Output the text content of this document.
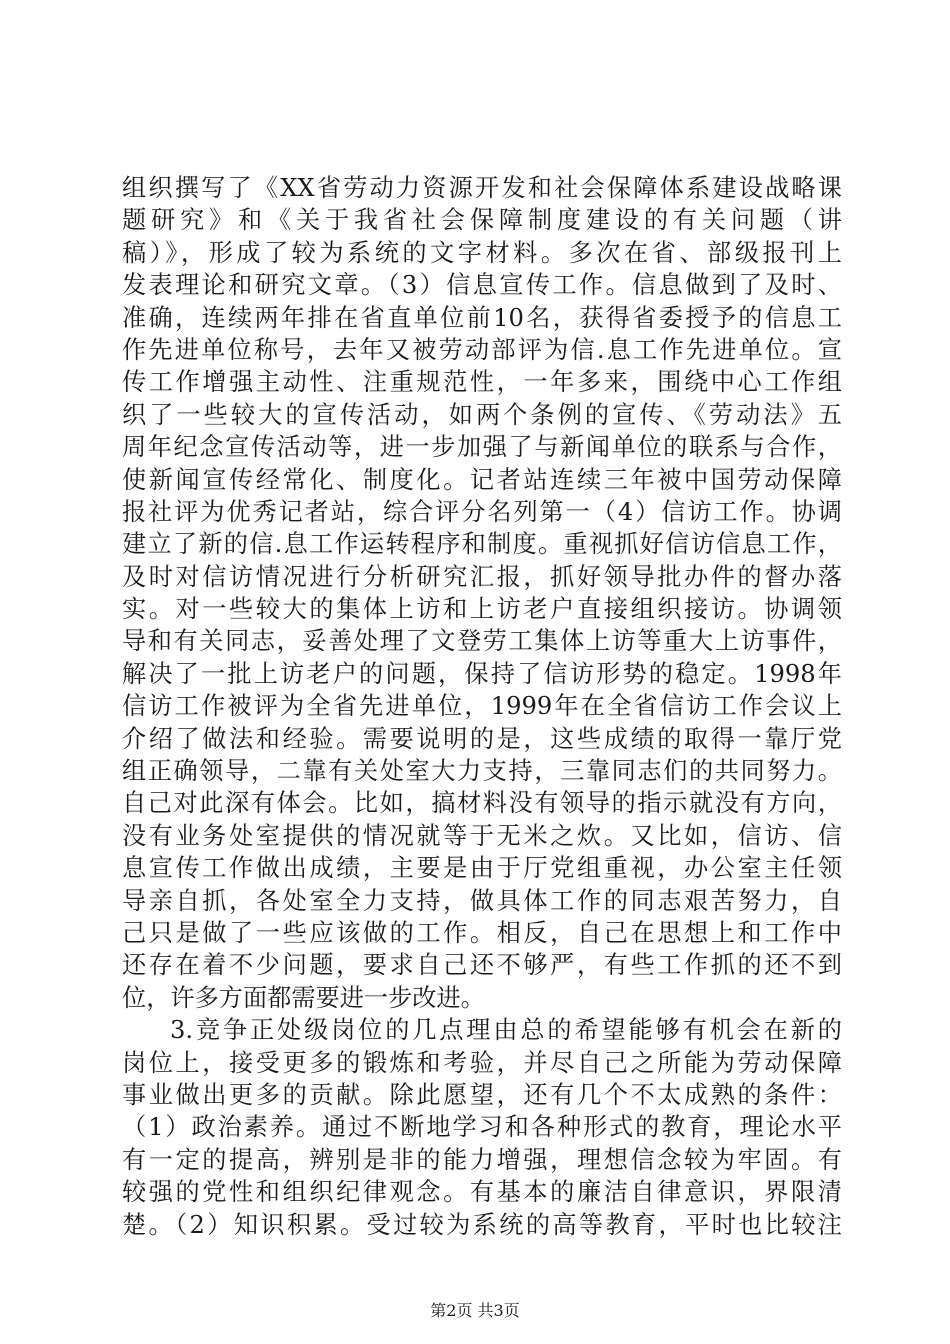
组织撰写了《XX省劳动力资源开发和社会保障体系建设战略课
题研究》和《关于我省社会保障制度建设的有关问题（讲
稿）》，形成了较为系统的文字材料。多次在省、部级报刊上
发表理论和研究文章。（3）信息宣传工作。信息做到了及时、
准确，连续两年排在省直单位前10名，获得省委授予的信息工
作先进单位称号，去年又被劳动部评为信.息工作先进单位。宣
传工作增强主动性、注重规范性，一年多来，围绕中心工作组
织了一些较大的宣传活动，如两个条例的宣传、《劳动法》五
周年纪念宣传活动等，进一步加强了与新闻单位的联系与合作，
使新闻宣传经常化、制度化。记者站连续三年被中国劳动保障
报社评为优秀记者站，综合评分名列第一（4）信访工作。协调
建立了新的信.息工作运转程序和制度。重视抓好信访信息工作，
及时对信访情况进行分析研究汇报，抓好领导批办件的督办落
实。对一些较大的集体上访和上访老户直接组织接访。协调领
导和有关同志，妥善处理了文登劳工集体上访等重大上访事件，
解决了一批上访老户的问题，保持了信访形势的稳定。1998年
信访工作被评为全省先进单位，1999年在全省信访工作会议上
介绍了做法和经验。需要说明的是，这些成绩的取得一靠厅党
组正确领导，二靠有关处室大力支持，三靠同志们的共同努力。
自己对此深有体会。比如，搞材料没有领导的指示就没有方向，
没有业务处室提供的情况就等于无米之炊。又比如，信访、信
息宣传工作做出成绩，主要是由于厅党组重视，办公室主任领
导亲自抓，各处室全力支持，做具体工作的同志艰苦努力，自
己只是做了一些应该做的工作。相反，自己在思想上和工作中
还存在着不少问题，要求自己还不够严，有些工作抓的还不到
位，许多方面都需要进一步改进。
3.竞争正处级岗位的几点理由总的希望能够有机会在新的
岗位上，接受更多的锻炼和考验，并尽自己之所能为劳动保障
事业做出更多的贡献。除此愿望，还有几个不太成熟的条件：
（1）政治素养。通过不断地学习和各种形式的教育，理论水平
有一定的提高，辨别是非的能力增强，理想信念较为牢固。有
较强的党性和组织纪律观念。有基本的廉洁自律意识，界限清
楚。（2）知识积累。受过较为系统的高等教育，平时也比较注
第2页 共3页
